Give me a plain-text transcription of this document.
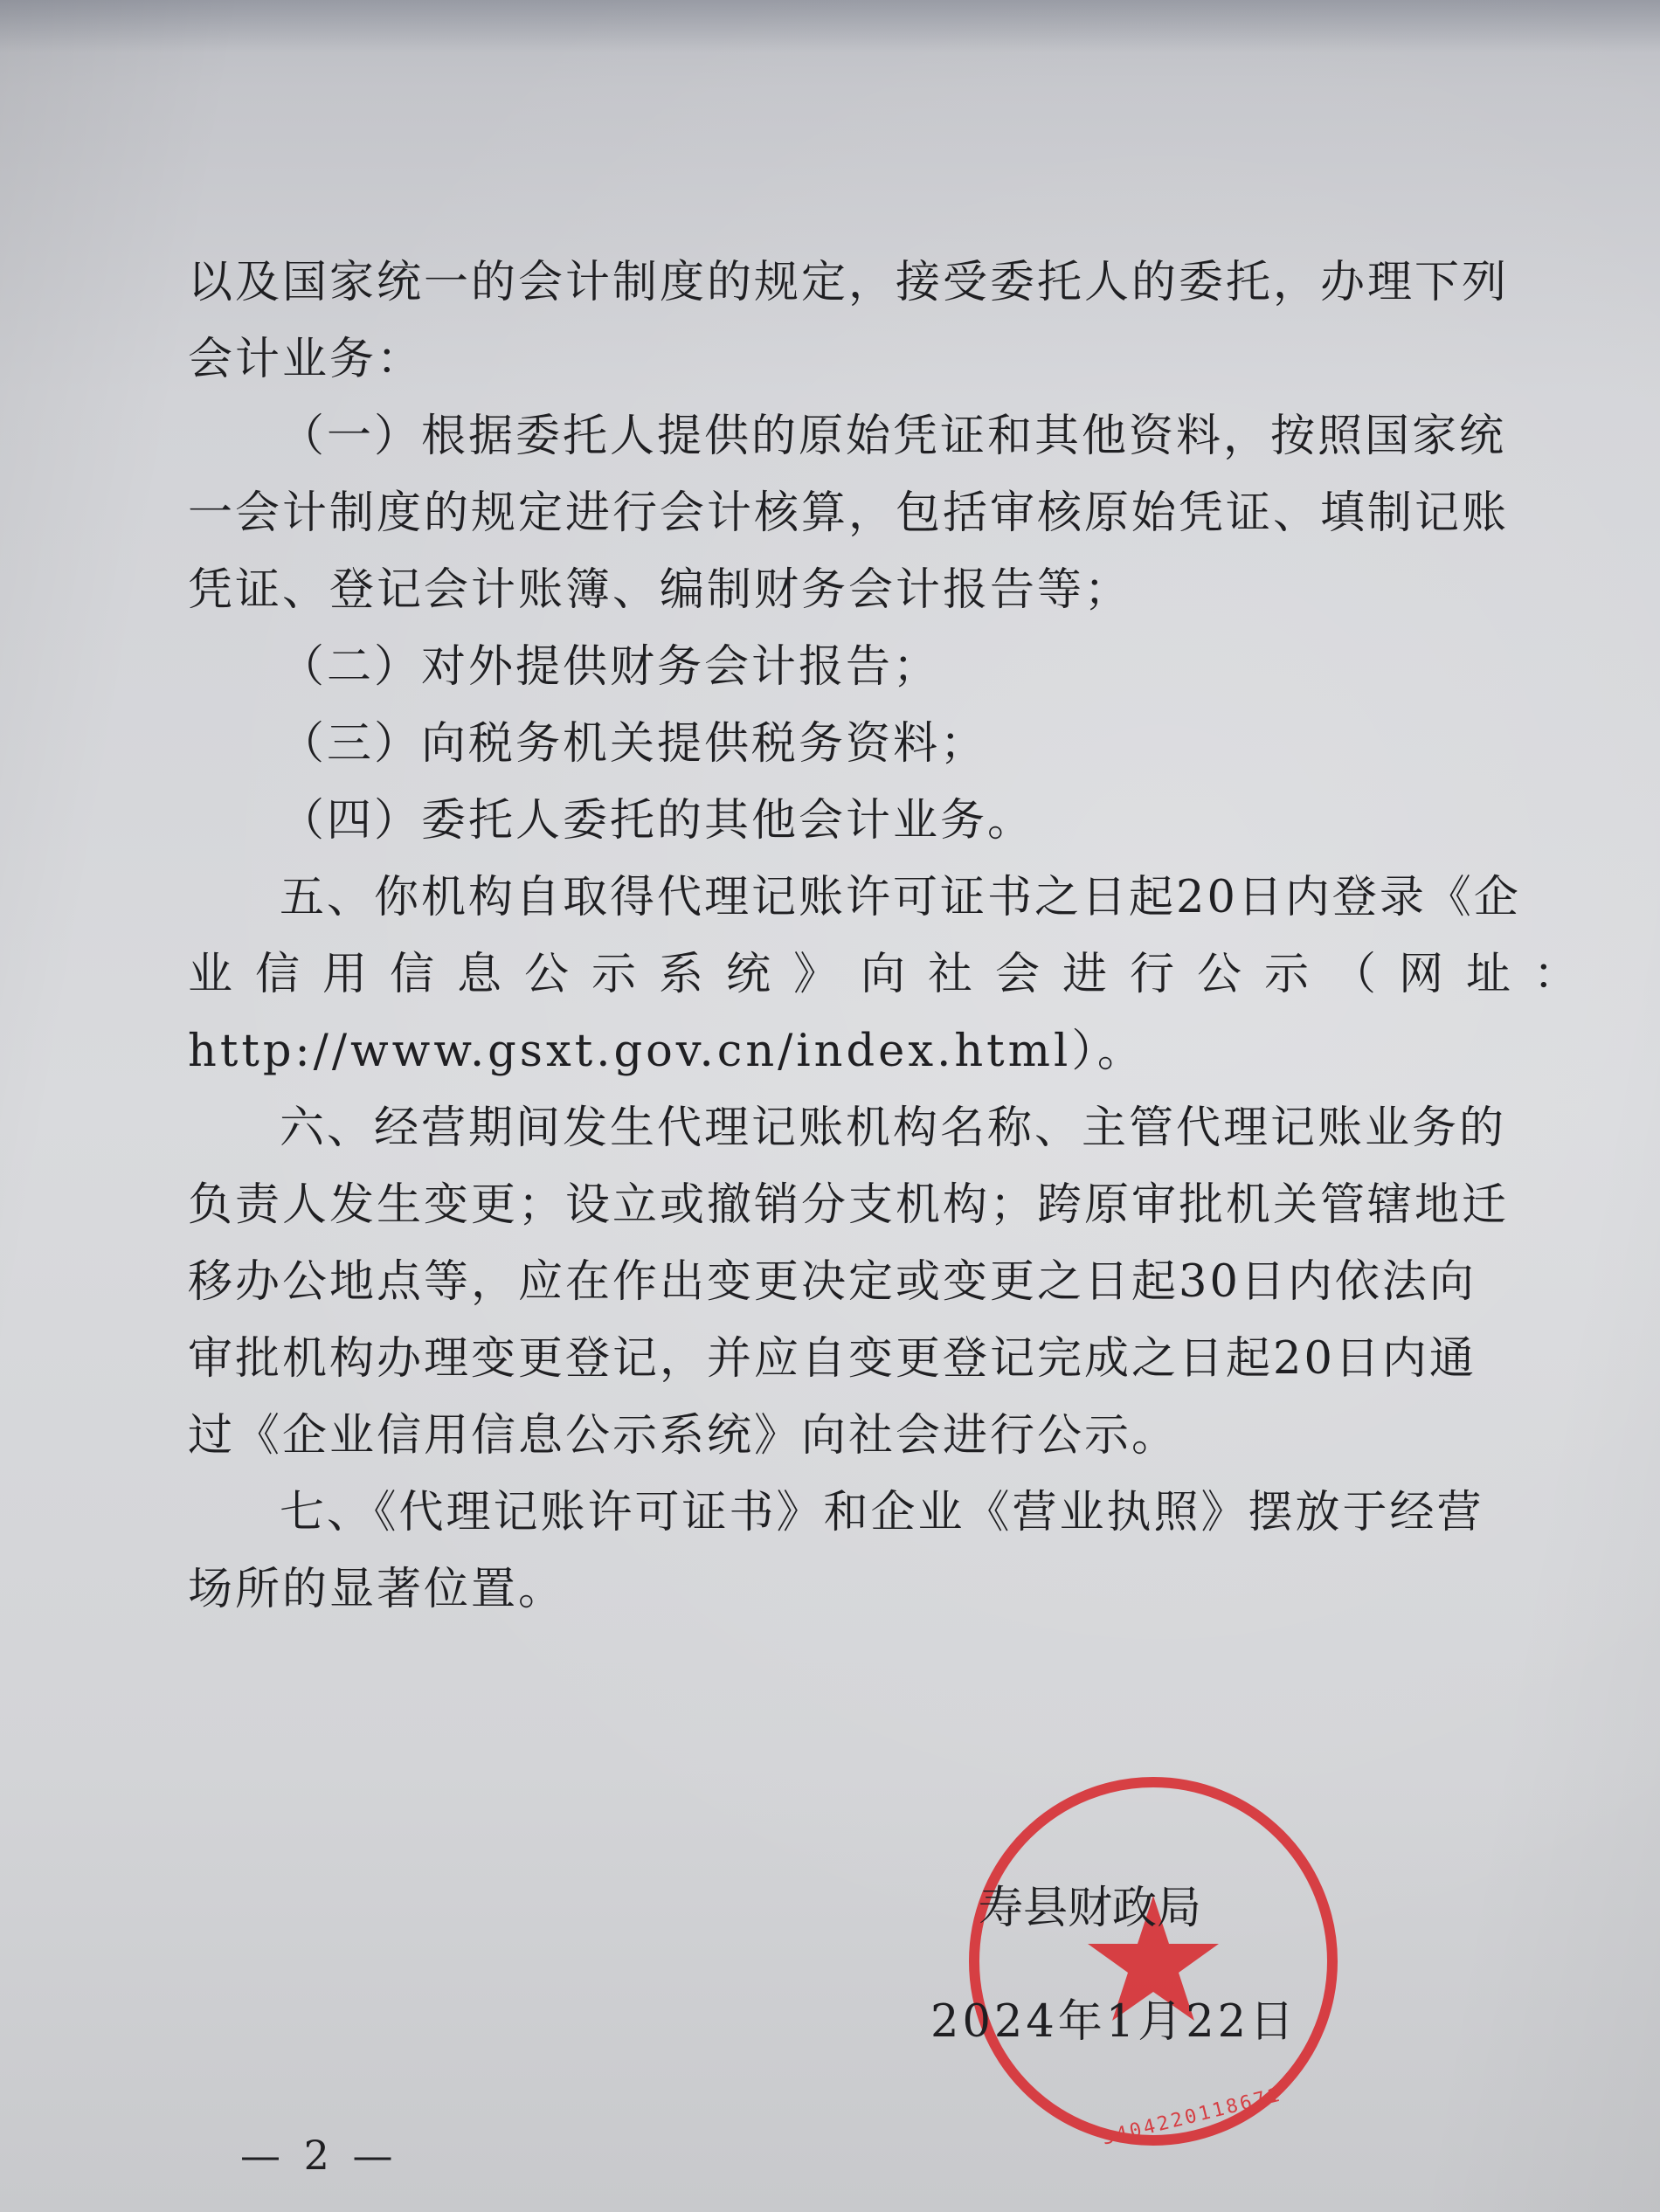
以及国家统一的会计制度的规定，接受委托人的委托，办理下列

会计业务：

（一）根据委托人提供的原始凭证和其他资料，按照国家统

一会计制度的规定进行会计核算，包括审核原始凭证、填制记账

凭证、登记会计账簿、编制财务会计报告等；

（二）对外提供财务会计报告；

（三）向税务机关提供税务资料；

（四）委托人委托的其他会计业务。

五、你机构自取得代理记账许可证书之日起20日内登录《企

业信用信息公示系统》向社会进行公示（网址：

http://www.gsxt.gov.cn/index.html）。

六、经营期间发生代理记账机构名称、主管代理记账业务的

负责人发生变更；设立或撤销分支机构；跨原审批机关管辖地迁

移办公地点等，应在作出变更决定或变更之日起30日内依法向

审批机构办理变更登记，并应自变更登记完成之日起20日内通

过《企业信用信息公示系统》向社会进行公示。

七、《代理记账许可证书》和企业《营业执照》摆放于经营

场所的显著位置。

3404220118671
寿县财政局
2024年1月22日
— 2 —
